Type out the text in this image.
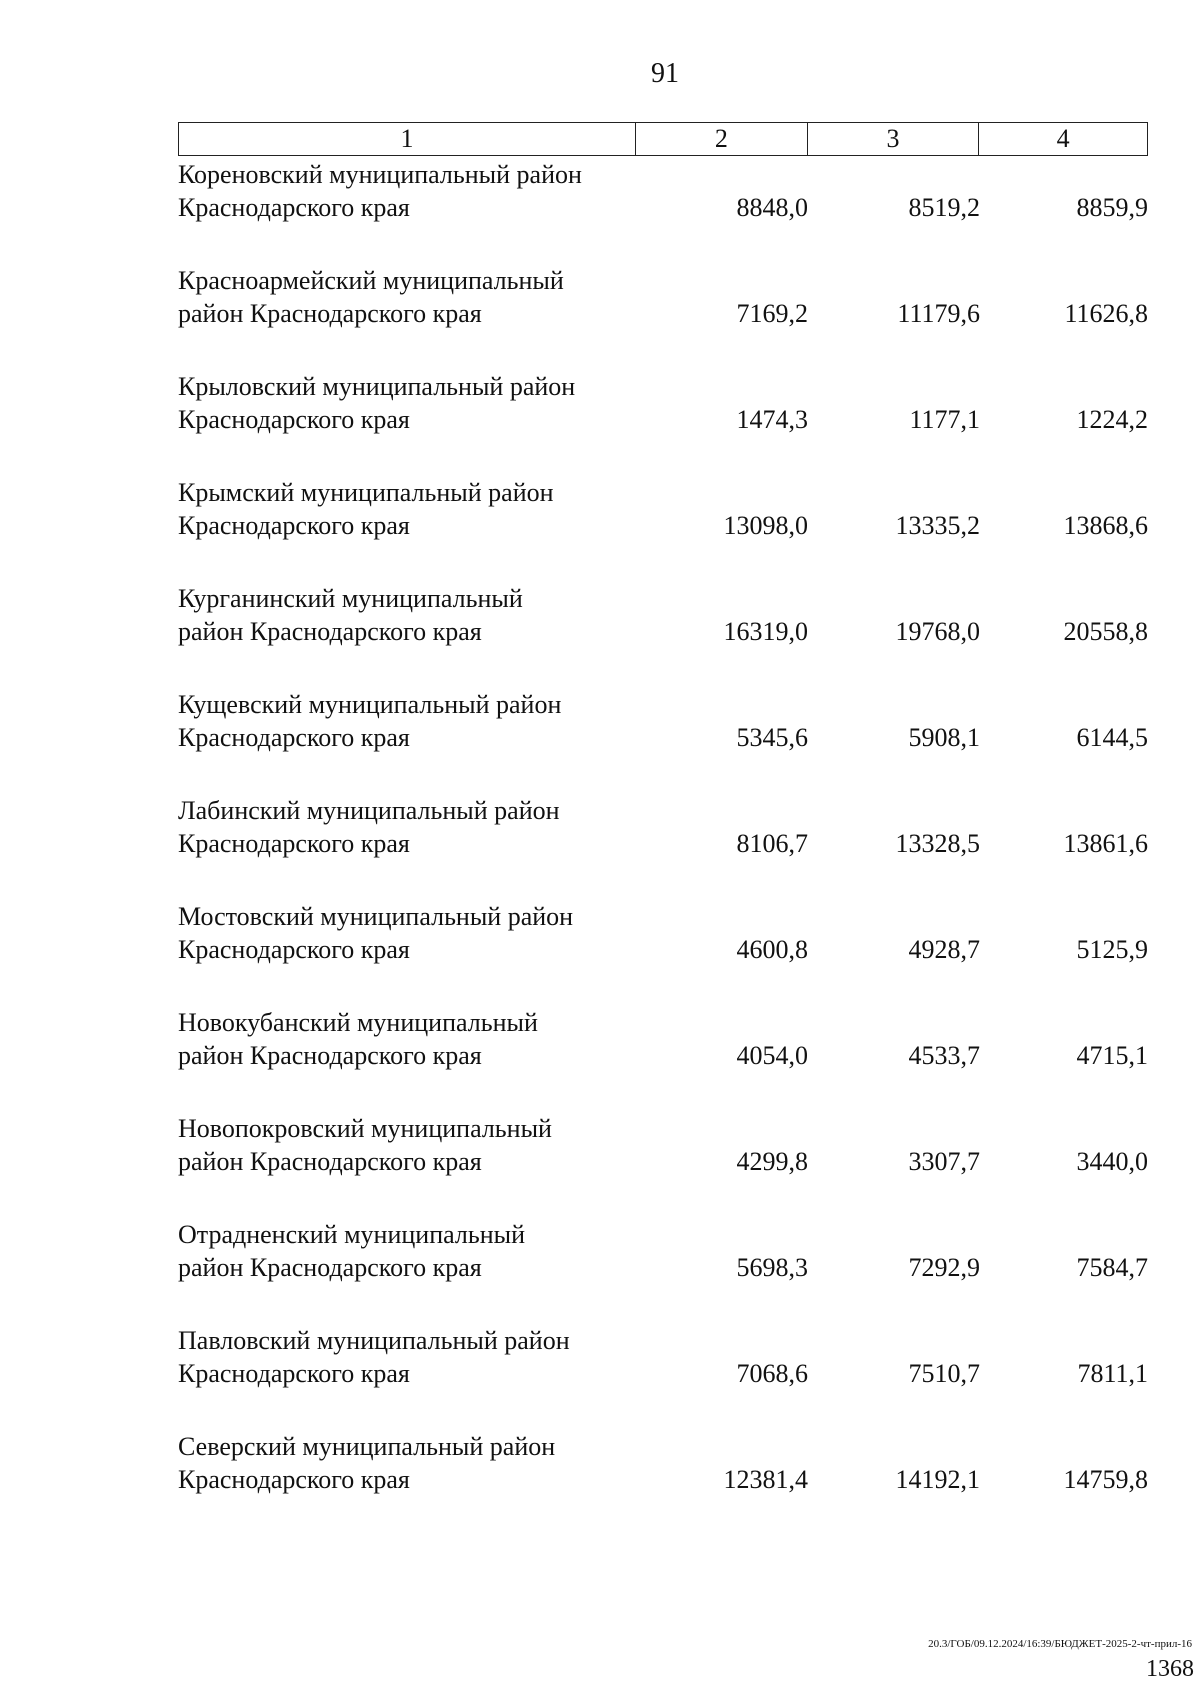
91
1	2	3	4
Кореновский муниципальный район
Краснодарского края	8848,0	8519,2	8859,9
Красноармейский муниципальный
район Краснодарского края	7169,2	11179,6	11626,8
Крыловский муниципальный район
Краснодарского края	1474,3	1177,1	1224,2
Крымский муниципальный район
Краснодарского края	13098,0	13335,2	13868,6
Курганинский муниципальный
район Краснодарского края	16319,0	19768,0	20558,8
Кущевский муниципальный район
Краснодарского края	5345,6	5908,1	6144,5
Лабинский муниципальный район
Краснодарского края	8106,7	13328,5	13861,6
Мостовский муниципальный район
Краснодарского края	4600,8	4928,7	5125,9
Новокубанский муниципальный
район Краснодарского края	4054,0	4533,7	4715,1
Новопокровский муниципальный
район Краснодарского края	4299,8	3307,7	3440,0
Отрадненский муниципальный
район Краснодарского края	5698,3	7292,9	7584,7
Павловский муниципальный район
Краснодарского края	7068,6	7510,7	7811,1
Северский муниципальный район
Краснодарского края	12381,4	14192,1	14759,8
20.3/ГОБ/09.12.2024/16:39/БЮДЖЕТ-2025-2-чт-прил-16
1368
